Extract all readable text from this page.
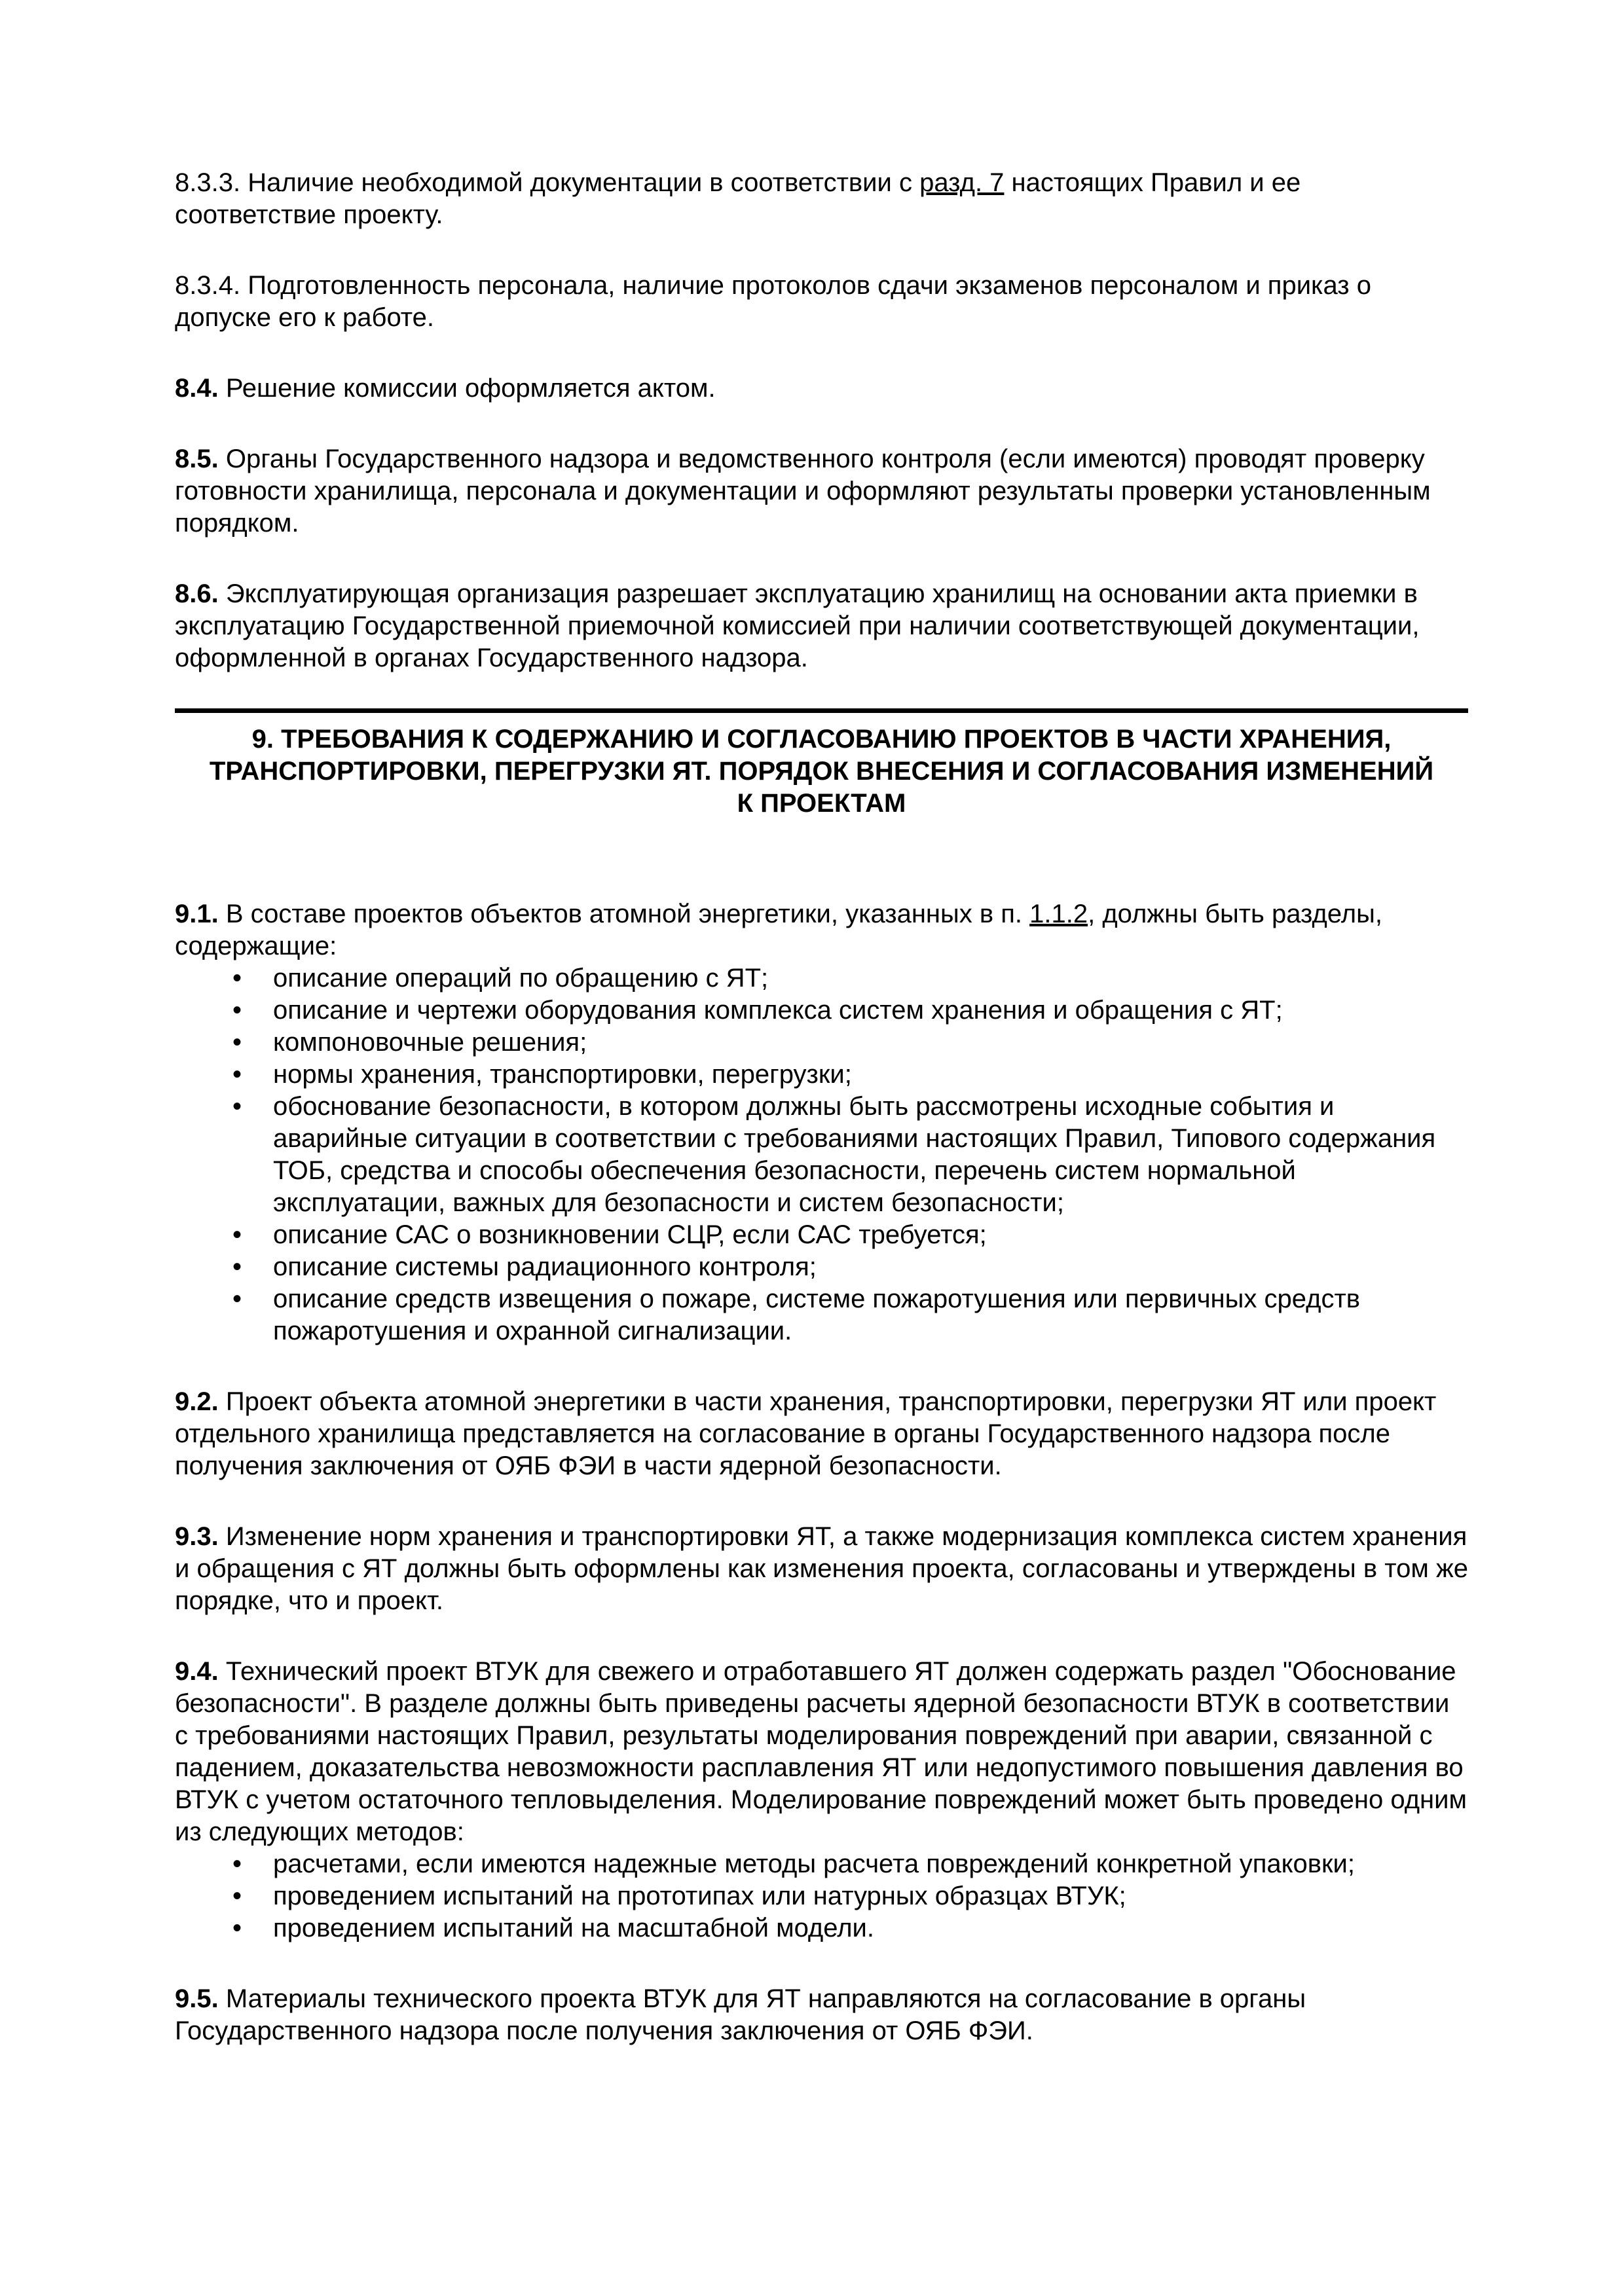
8.3.3. Наличие необходимой документации в соответствии с разд. 7 настоящих Правил и ее соответствие проекту.

8.3.4. Подготовленность персонала, наличие протоколов сдачи экзаменов персоналом и приказ о допуске его к работе.

8.4. Решение комиссии оформляется актом.

8.5. Органы Государственного надзора и ведомственного контроля (если имеются) проводят проверку готовности хранилища, персонала и документации и оформляют результаты проверки установленным порядком.

8.6. Эксплуатирующая организация разрешает эксплуатацию хранилищ на основании акта приемки в эксплуатацию Государственной приемочной комиссией при наличии соответствующей документации, оформленной в органах Государственного надзора.

9. ТРЕБОВАНИЯ К СОДЕРЖАНИЮ И СОГЛАСОВАНИЮ ПРОЕКТОВ В ЧАСТИ ХРАНЕНИЯ, ТРАНСПОРТИРОВКИ, ПЕРЕГРУЗКИ ЯТ. ПОРЯДОК ВНЕСЕНИЯ И СОГЛАСОВАНИЯ ИЗМЕНЕНИЙ К ПРОЕКТАМ

9.1. В составе проектов объектов атомной энергетики, указанных в п. 1.1.2, должны быть разделы, содержащие:

• описание операций по обращению с ЯТ;
• описание и чертежи оборудования комплекса систем хранения и обращения с ЯТ;
• компоновочные решения;
• нормы хранения, транспортировки, перегрузки;
• обоснование безопасности, в котором должны быть рассмотрены исходные события и аварийные ситуации в соответствии с требованиями настоящих Правил, Типового содержания ТОБ, средства и способы обеспечения безопасности, перечень систем нормальной эксплуатации, важных для безопасности и систем безопасности;
• описание САС о возникновении СЦР, если САС требуется;
• описание системы радиационного контроля;
• описание средств извещения о пожаре, системе пожаротушения или первичных средств пожаротушения и охранной сигнализации.

9.2. Проект объекта атомной энергетики в части хранения, транспортировки, перегрузки ЯТ или проект отдельного хранилища представляется на согласование в органы Государственного надзора после получения заключения от ОЯБ ФЭИ в части ядерной безопасности.

9.3. Изменение норм хранения и транспортировки ЯТ, а также модернизация комплекса систем хранения и обращения с ЯТ должны быть оформлены как изменения проекта, согласованы и утверждены в том же порядке, что и проект.

9.4. Технический проект ВТУК для свежего и отработавшего ЯТ должен содержать раздел "Обоснование безопасности". В разделе должны быть приведены расчеты ядерной безопасности ВТУК в соответствии с требованиями настоящих Правил, результаты моделирования повреждений при аварии, связанной с падением, доказательства невозможности расплавления ЯТ или недопустимого повышения давления во ВТУК с учетом остаточного тепловыделения. Моделирование повреждений может быть проведено одним из следующих методов:

• расчетами, если имеются надежные методы расчета повреждений конкретной упаковки;
• проведением испытаний на прототипах или натурных образцах ВТУК;
• проведением испытаний на масштабной модели.

9.5. Материалы технического проекта ВТУК для ЯТ направляются на согласование в органы Государственного надзора после получения заключения от ОЯБ ФЭИ.
